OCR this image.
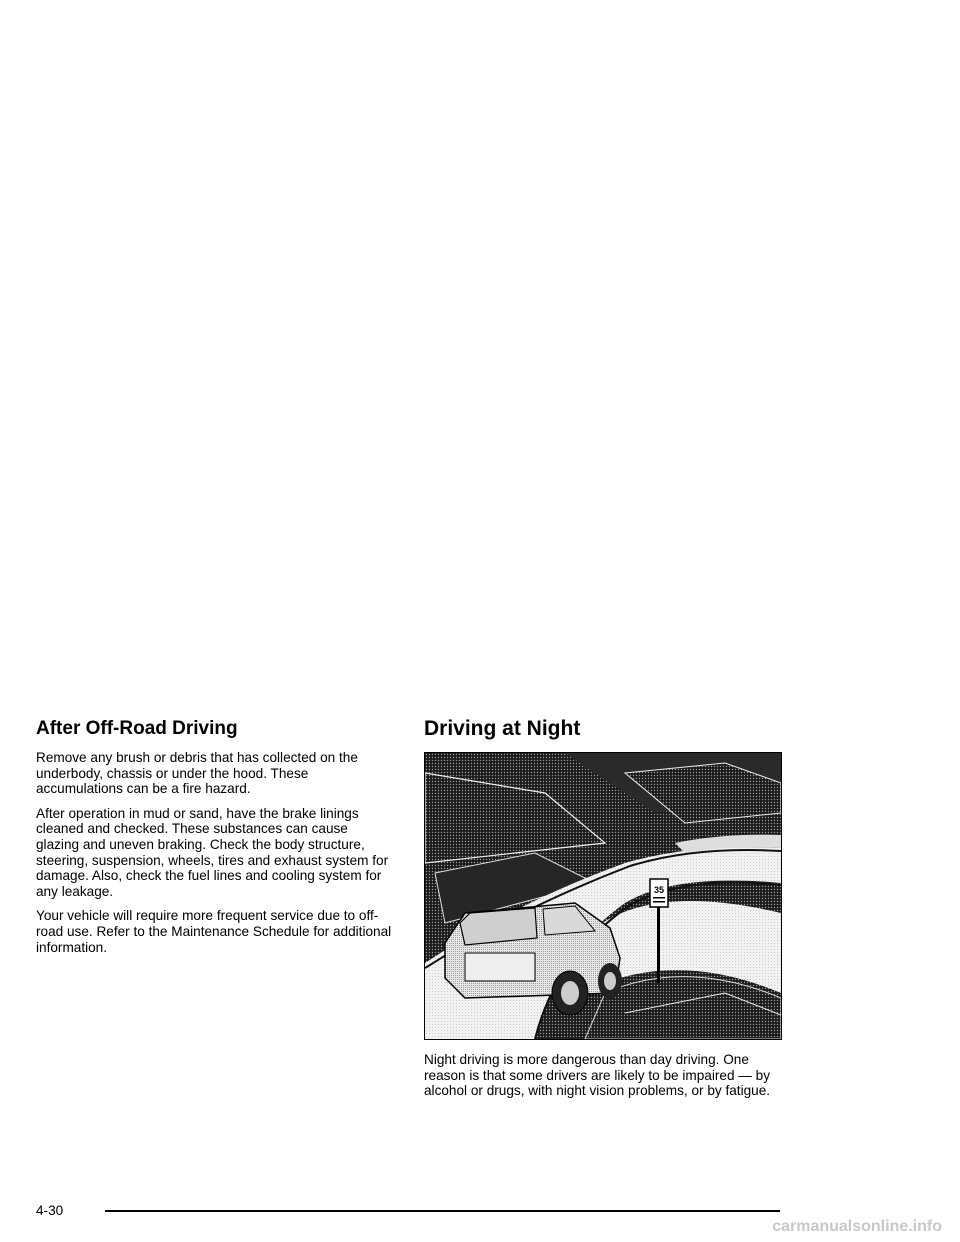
After Off-Road Driving

Remove any brush or debris that has collected on the underbody, chassis or under the hood. These accumulations can be a fire hazard.

After operation in mud or sand, have the brake linings cleaned and checked. These substances can cause glazing and uneven braking. Check the body structure, steering, suspension, wheels, tires and exhaust system for damage. Also, check the fuel lines and cooling system for any leakage.

Your vehicle will require more frequent service due to off-road use. Refer to the Maintenance Schedule for additional information.

Driving at Night
35

Night driving is more dangerous than day driving. One reason is that some drivers are likely to be impaired — by alcohol or drugs, with night vision problems, or by fatigue.

4-30
carmanualsonline.info
